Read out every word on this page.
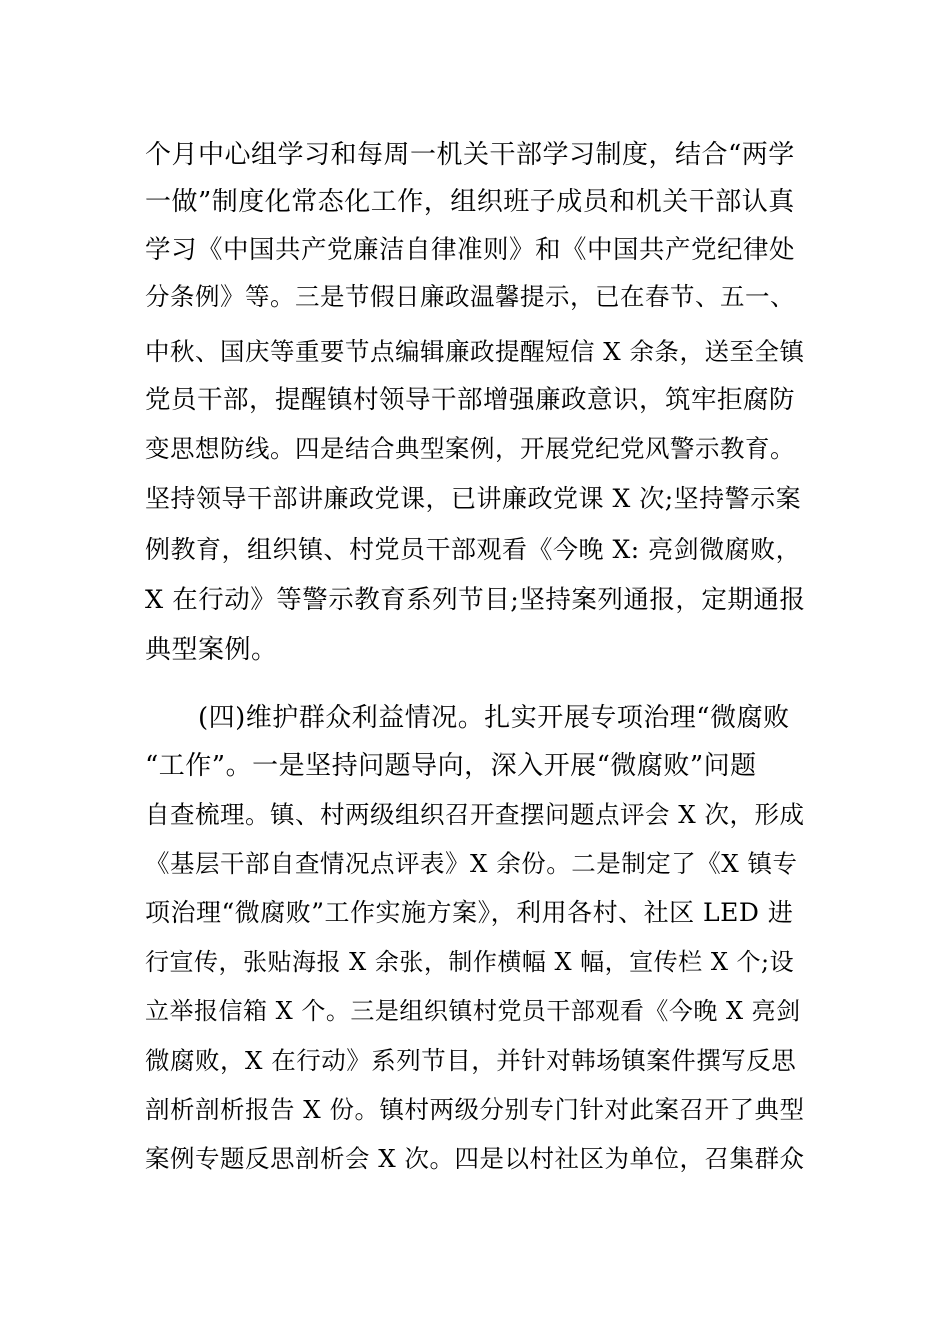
个月中心组学习和每周一机关干部学习制度，结合“两学
一做”制度化常态化工作，组织班子成员和机关干部认真
学习《中国共产党廉洁自律准则》和《中国共产党纪律处
分条例》等。三是节假日廉政温馨提示，已在春节、五一、
中秋、国庆等重要节点编辑廉政提醒短信 X 余条，送至全镇
党员干部，提醒镇村领导干部增强廉政意识，筑牢拒腐防
变思想防线。四是结合典型案例，开展党纪党风警示教育。
坚持领导干部讲廉政党课，已讲廉政党课 X 次;坚持警示案
例教育，组织镇、村党员干部观看《今晚 X: 亮剑微腐败，
X 在行动》等警示教育系列节目;坚持案列通报，定期通报
典型案例。
(四)维护群众利益情况。扎实开展专项治理“微腐败
“工作”。一是坚持问题导向，深入开展“微腐败”问题
自查梳理。镇、村两级组织召开查摆问题点评会 X 次，形成
《基层干部自查情况点评表》X 余份。二是制定了《X 镇专
项治理“微腐败”工作实施方案》，利用各村、社区 LED 进
行宣传，张贴海报 X 余张，制作横幅 X 幅，宣传栏 X 个;设
立举报信箱 X 个。三是组织镇村党员干部观看《今晚 X 亮剑
微腐败，X 在行动》系列节目，并针对韩场镇案件撰写反思
剖析剖析报告 X 份。镇村两级分别专门针对此案召开了典型
案例专题反思剖析会 X 次。四是以村社区为单位，召集群众
